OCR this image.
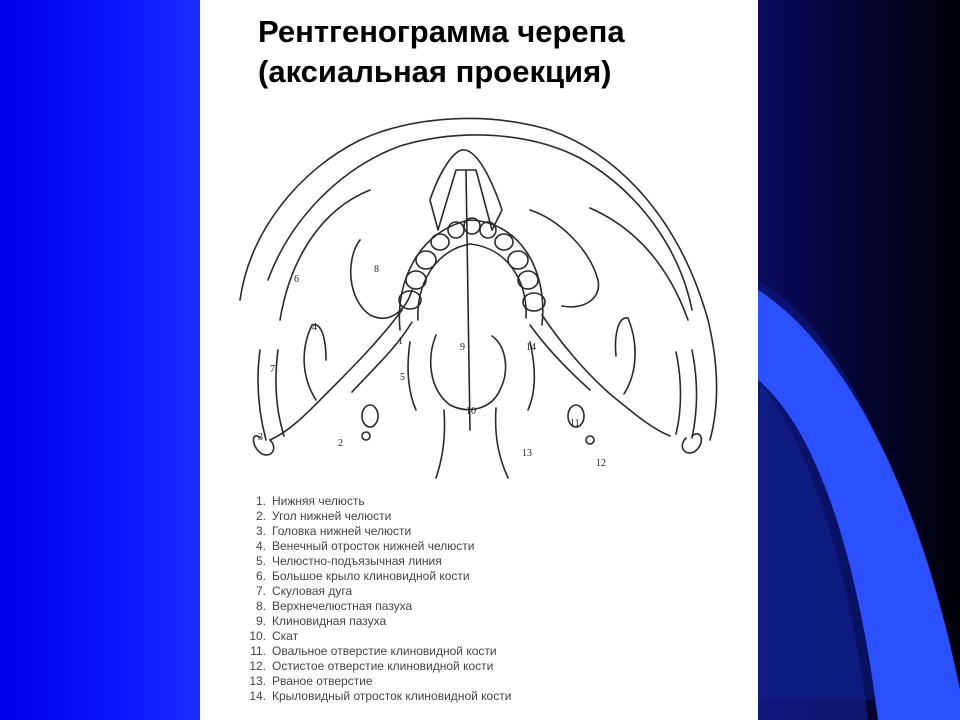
Рентгенограмма черепа
(аксиальная проекция)
1
2
3
4
5
6
7
8
9
10
11
12
13
14
1. Нижняя челюсть
2. Угол нижней челюсти
3. Головка нижней челюсти
4. Венечный отросток нижней челюсти
5. Челюстно-подъязычная линия
6. Большое крыло клиновидной кости
7. Скуловая дуга
8. Верхнечелюстная пазуха
9. Клиновидная пазуха
10. Скат
11. Овальное отверстие клиновидной кости
12. Остистое отверстие клиновидной кости
13. Рваное отверстие
14. Крыловидный отросток клиновидной кости
